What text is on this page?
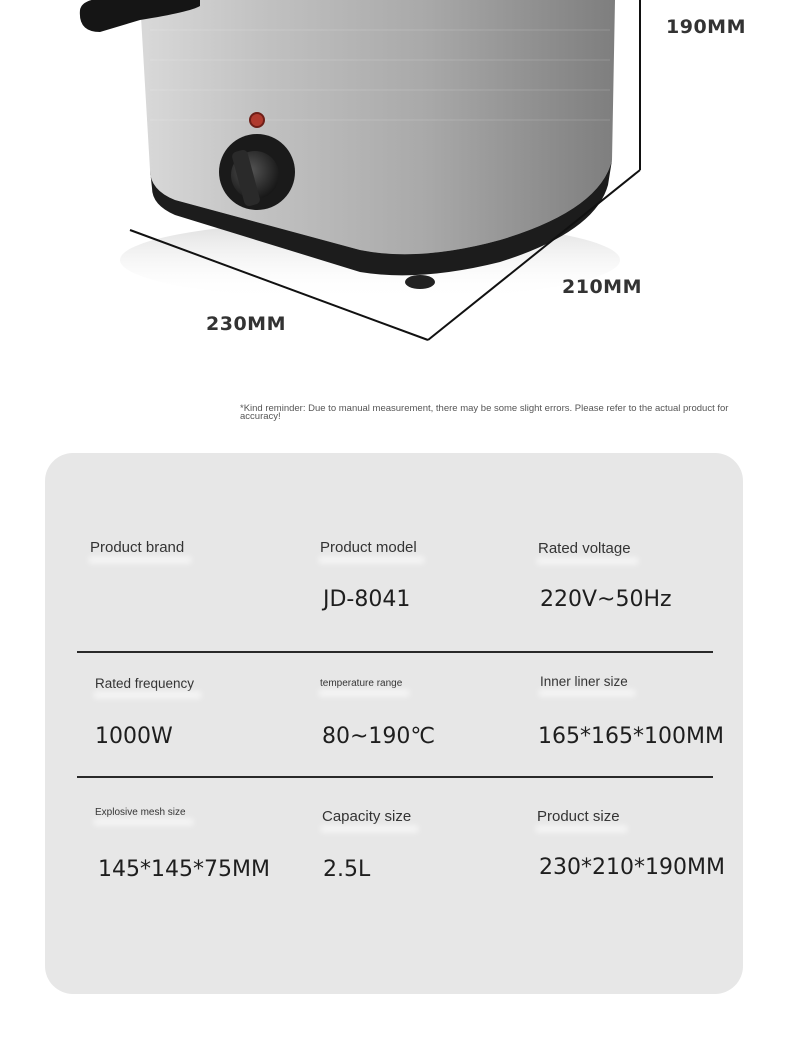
190MM
210MM
230MM
*Kind reminder: Due to manual measurement, there may be some slight errors. Please refer to the actual product for accuracy!
Product brand	Product model
JD-8041
Rated voltage
220V~50Hz
Rated frequency
1000W
temperature range
80~190℃
Inner liner size
165*165*100MM
Explosive mesh size
145*145*75MM
Capacity size
2.5L
Product size
230*210*190MM
